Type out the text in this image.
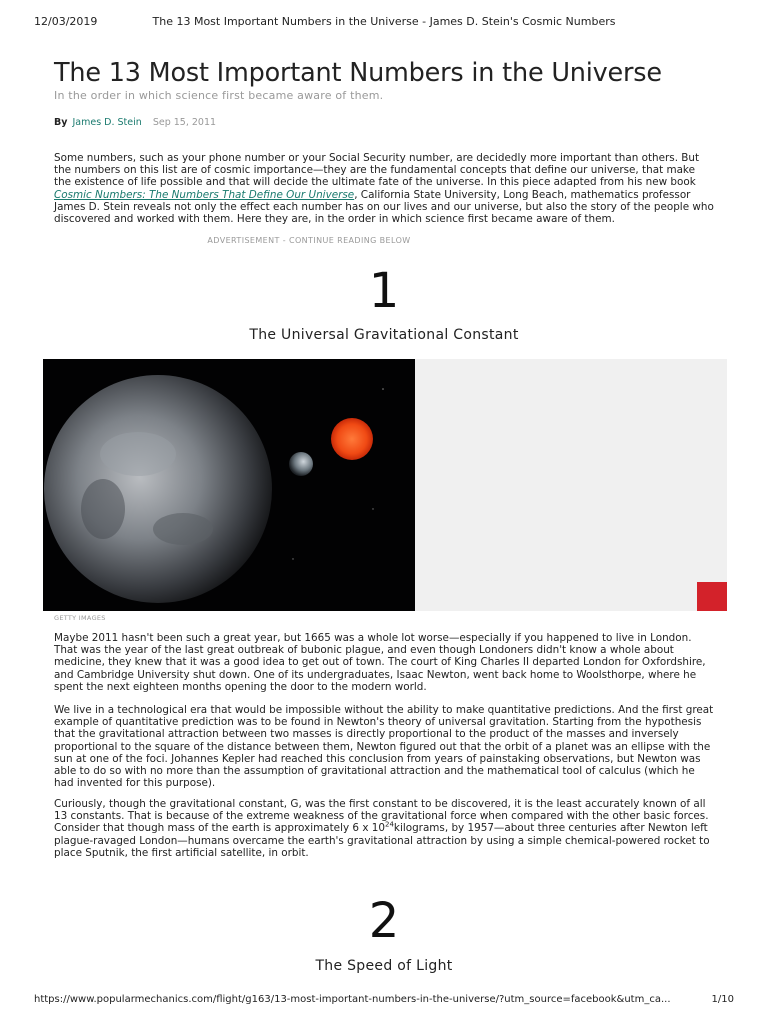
12/03/2019	The 13 Most Important Numbers in the Universe - James D. Stein's Cosmic Numbers
The 13 Most Important Numbers in the Universe
In the order in which science first became aware of them.
By James D. Stein Sep 15, 2011

Some numbers, such as your phone number or your Social Security number, are decidedly more important than others. But the numbers on this list are of cosmic importance—they are the fundamental concepts that define our universe, that make the existence of life possible and that will decide the ultimate fate of the universe. In this piece adapted from his new book Cosmic Numbers: The Numbers That Define Our Universe, California State University, Long Beach, mathematics professor James D. Stein reveals not only the effect each number has on our lives and our universe, but also the story of the people who discovered and worked with them. Here they are, in the order in which science first became aware of them.

ADVERTISEMENT - CONTINUE READING BELOW
1
The Universal Gravitational Constant
GETTY IMAGES

Maybe 2011 hasn't been such a great year, but 1665 was a whole lot worse—especially if you happened to live in London. That was the year of the last great outbreak of bubonic plague, and even though Londoners didn't know a whole about medicine, they knew that it was a good idea to get out of town. The court of King Charles II departed London for Oxfordshire, and Cambridge University shut down. One of its undergraduates, Isaac Newton, went back home to Woolsthorpe, where he spent the next eighteen months opening the door to the modern world.

We live in a technological era that would be impossible without the ability to make quantitative predictions. And the first great example of quantitative prediction was to be found in Newton's theory of universal gravitation. Starting from the hypothesis that the gravitational attraction between two masses is directly proportional to the product of the masses and inversely proportional to the square of the distance between them, Newton figured out that the orbit of a planet was an ellipse with the sun at one of the foci. Johannes Kepler had reached this conclusion from years of painstaking observations, but Newton was able to do so with no more than the assumption of gravitational attraction and the mathematical tool of calculus (which he had invented for this purpose).

Curiously, though the gravitational constant, G, was the first constant to be discovered, it is the least accurately known of all 13 constants. That is because of the extreme weakness of the gravitational force when compared with the other basic forces. Consider that though mass of the earth is approximately 6 x $10^{24}kilograms$, by 1957—about three centuries after Newton left plague-ravaged London—humans overcame the earth's gravitational attraction by using a simple chemical-powered rocket to place Sputnik, the first artificial satellite, in orbit.

2
The Speed of Light
https://www.popularmechanics.com/flight/g163/13-most-important-numbers-in-the-universe/?utm_source=facebook&utm_ca...	1/10
